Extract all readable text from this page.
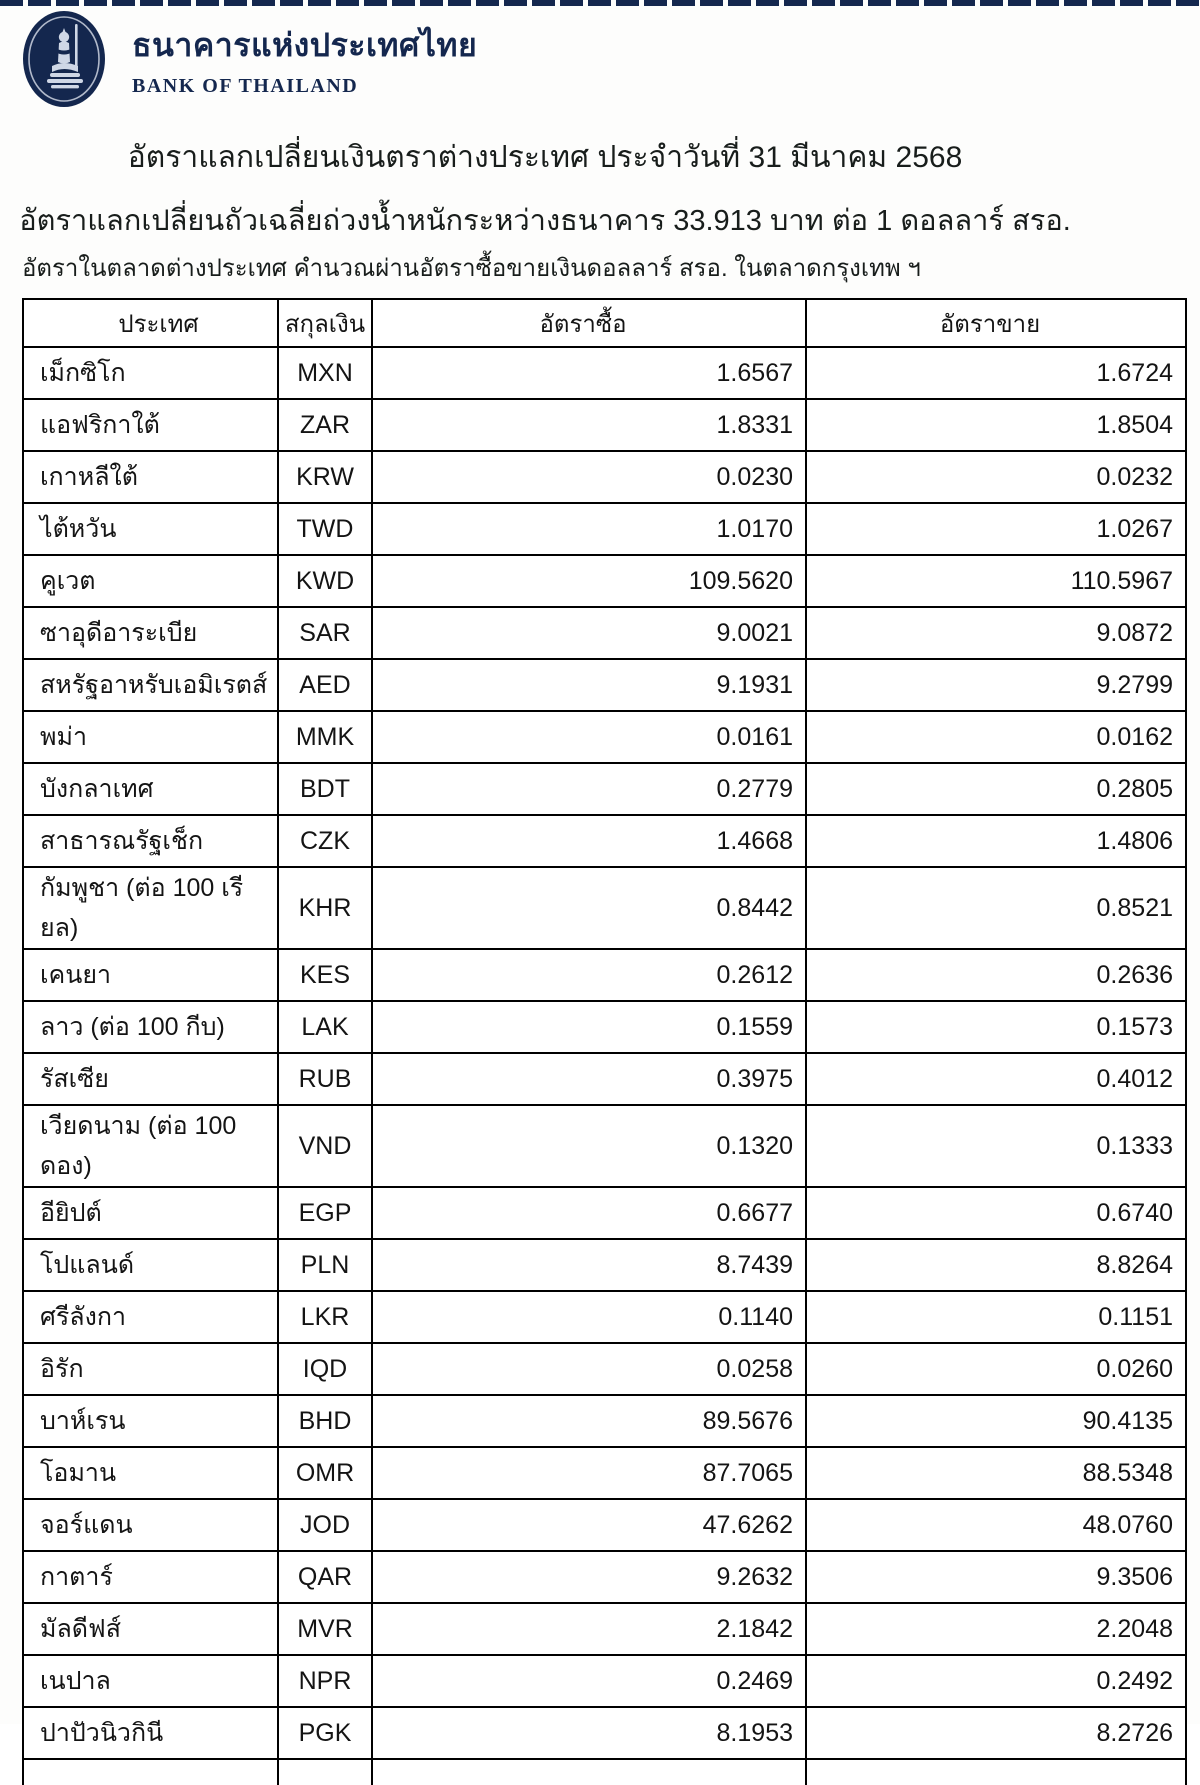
ธนาคารแห่งประเทศไทย
BANK OF THAILAND
อัตราแลกเปลี่ยนเงินตราต่างประเทศ ประจำวันที่ 31 มีนาคม 2568
อัตราแลกเปลี่ยนถัวเฉลี่ยถ่วงน้ำหนักระหว่างธนาคาร 33.913 บาท ต่อ 1 ดอลลาร์ สรอ.
อัตราในตลาดต่างประเทศ คำนวณผ่านอัตราซื้อขายเงินดอลลาร์ สรอ. ในตลาดกรุงเทพ ฯ
ประเทศ	สกุลเงิน	อัตราซื้อ	อัตราขาย
เม็กซิโก	MXN	1.6567	1.6724
แอฟริกาใต้	ZAR	1.8331	1.8504
เกาหลีใต้	KRW	0.0230	0.0232
ไต้หวัน	TWD	1.0170	1.0267
คูเวต	KWD	109.5620	110.5967
ซาอุดีอาระเบีย	SAR	9.0021	9.0872
สหรัฐอาหรับเอมิเรตส์	AED	9.1931	9.2799
พม่า	MMK	0.0161	0.0162
บังกลาเทศ	BDT	0.2779	0.2805
สาธารณรัฐเช็ก	CZK	1.4668	1.4806
กัมพูชา (ต่อ 100 เรียล)	KHR	0.8442	0.8521
เคนยา	KES	0.2612	0.2636
ลาว (ต่อ 100 กีบ)	LAK	0.1559	0.1573
รัสเซีย	RUB	0.3975	0.4012
เวียดนาม (ต่อ 100 ดอง)	VND	0.1320	0.1333
อียิปต์	EGP	0.6677	0.6740
โปแลนด์	PLN	8.7439	8.8264
ศรีลังกา	LKR	0.1140	0.1151
อิรัก	IQD	0.0258	0.0260
บาห์เรน	BHD	89.5676	90.4135
โอมาน	OMR	87.7065	88.5348
จอร์แดน	JOD	47.6262	48.0760
กาตาร์	QAR	9.2632	9.3506
มัลดีฟส์	MVR	2.1842	2.2048
เนปาล	NPR	0.2469	0.2492
ปาปัวนิวกินี	PGK	8.1953	8.2726
